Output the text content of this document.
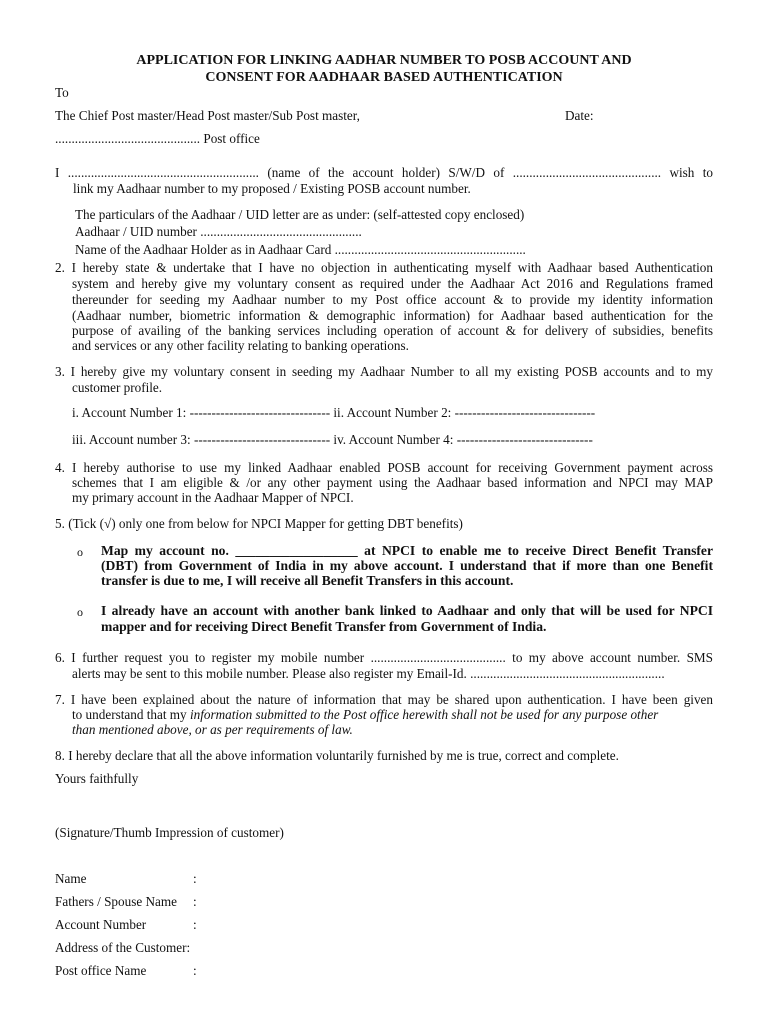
APPLICATION FOR LINKING AADHAR NUMBER TO POSB ACCOUNT AND
CONSENT FOR AADHAAR BASED AUTHENTICATION
To
The Chief Post master/Head Post master/Sub Post master,	Date:
............................................ Post office
I .......................................................... (name of the account holder) S/W/D of ............................................. wish to
link my Aadhaar number to my proposed / Existing POSB account number.
The particulars of the Aadhaar / UID letter are as under: (self-attested copy enclosed)
Aadhaar / UID number .................................................
Name of the Aadhaar Holder as in Aadhaar Card ..........................................................
2. I hereby state & undertake that I have no objection in authenticating myself with Aadhaar based Authentication
system and hereby give my voluntary consent as required under the Aadhaar Act 2016 and Regulations framed
thereunder for seeding my Aadhaar number to my Post office account & to provide my identity information
(Aadhaar number, biometric information & demographic information) for Aadhaar based authentication for the
purpose of availing of the banking services including operation of account & for delivery of subsidies, benefits
and services or any other facility relating to banking operations.
3. I hereby give my voluntary consent in seeding my Aadhaar Number to all my existing POSB accounts and to my
customer profile.
i. Account Number 1: -------------------------------- ii. Account Number 2: --------------------------------
iii. Account number 3: ------------------------------- iv. Account Number 4: -------------------------------
4. I hereby authorise to use my linked Aadhaar enabled POSB account for receiving Government payment across
schemes that I am eligible & /or any other payment using the Aadhaar based information and NPCI may MAP
my primary account in the Aadhaar Mapper of NPCI.
5. (Tick (√) only one from below for NPCI Mapper for getting DBT benefits)
o Map my account no. __________________ at NPCI to enable me to receive Direct Benefit Transfer
(DBT) from Government of India in my above account. I understand that if more than one Benefit
transfer is due to me, I will receive all Benefit Transfers in this account.
o I already have an account with another bank linked to Aadhaar and only that will be used for NPCI
mapper and for receiving Direct Benefit Transfer from Government of India.
6. I further request you to register my mobile number ......................................... to my above account number. SMS
alerts may be sent to this mobile number. Please also register my Email-Id. ...........................................................
7. I have been explained about the nature of information that may be shared upon authentication. I have been given
to understand that my information submitted to the Post office herewith shall not be used for any purpose other
than mentioned above, or as per requirements of law.
8. I hereby declare that all the above information voluntarily furnished by me is true, correct and complete.
Yours faithfully
(Signature/Thumb Impression of customer)
Name	:
Fathers / Spouse Name :
Account Number	:
Address of the Customer:
Post office Name	:
